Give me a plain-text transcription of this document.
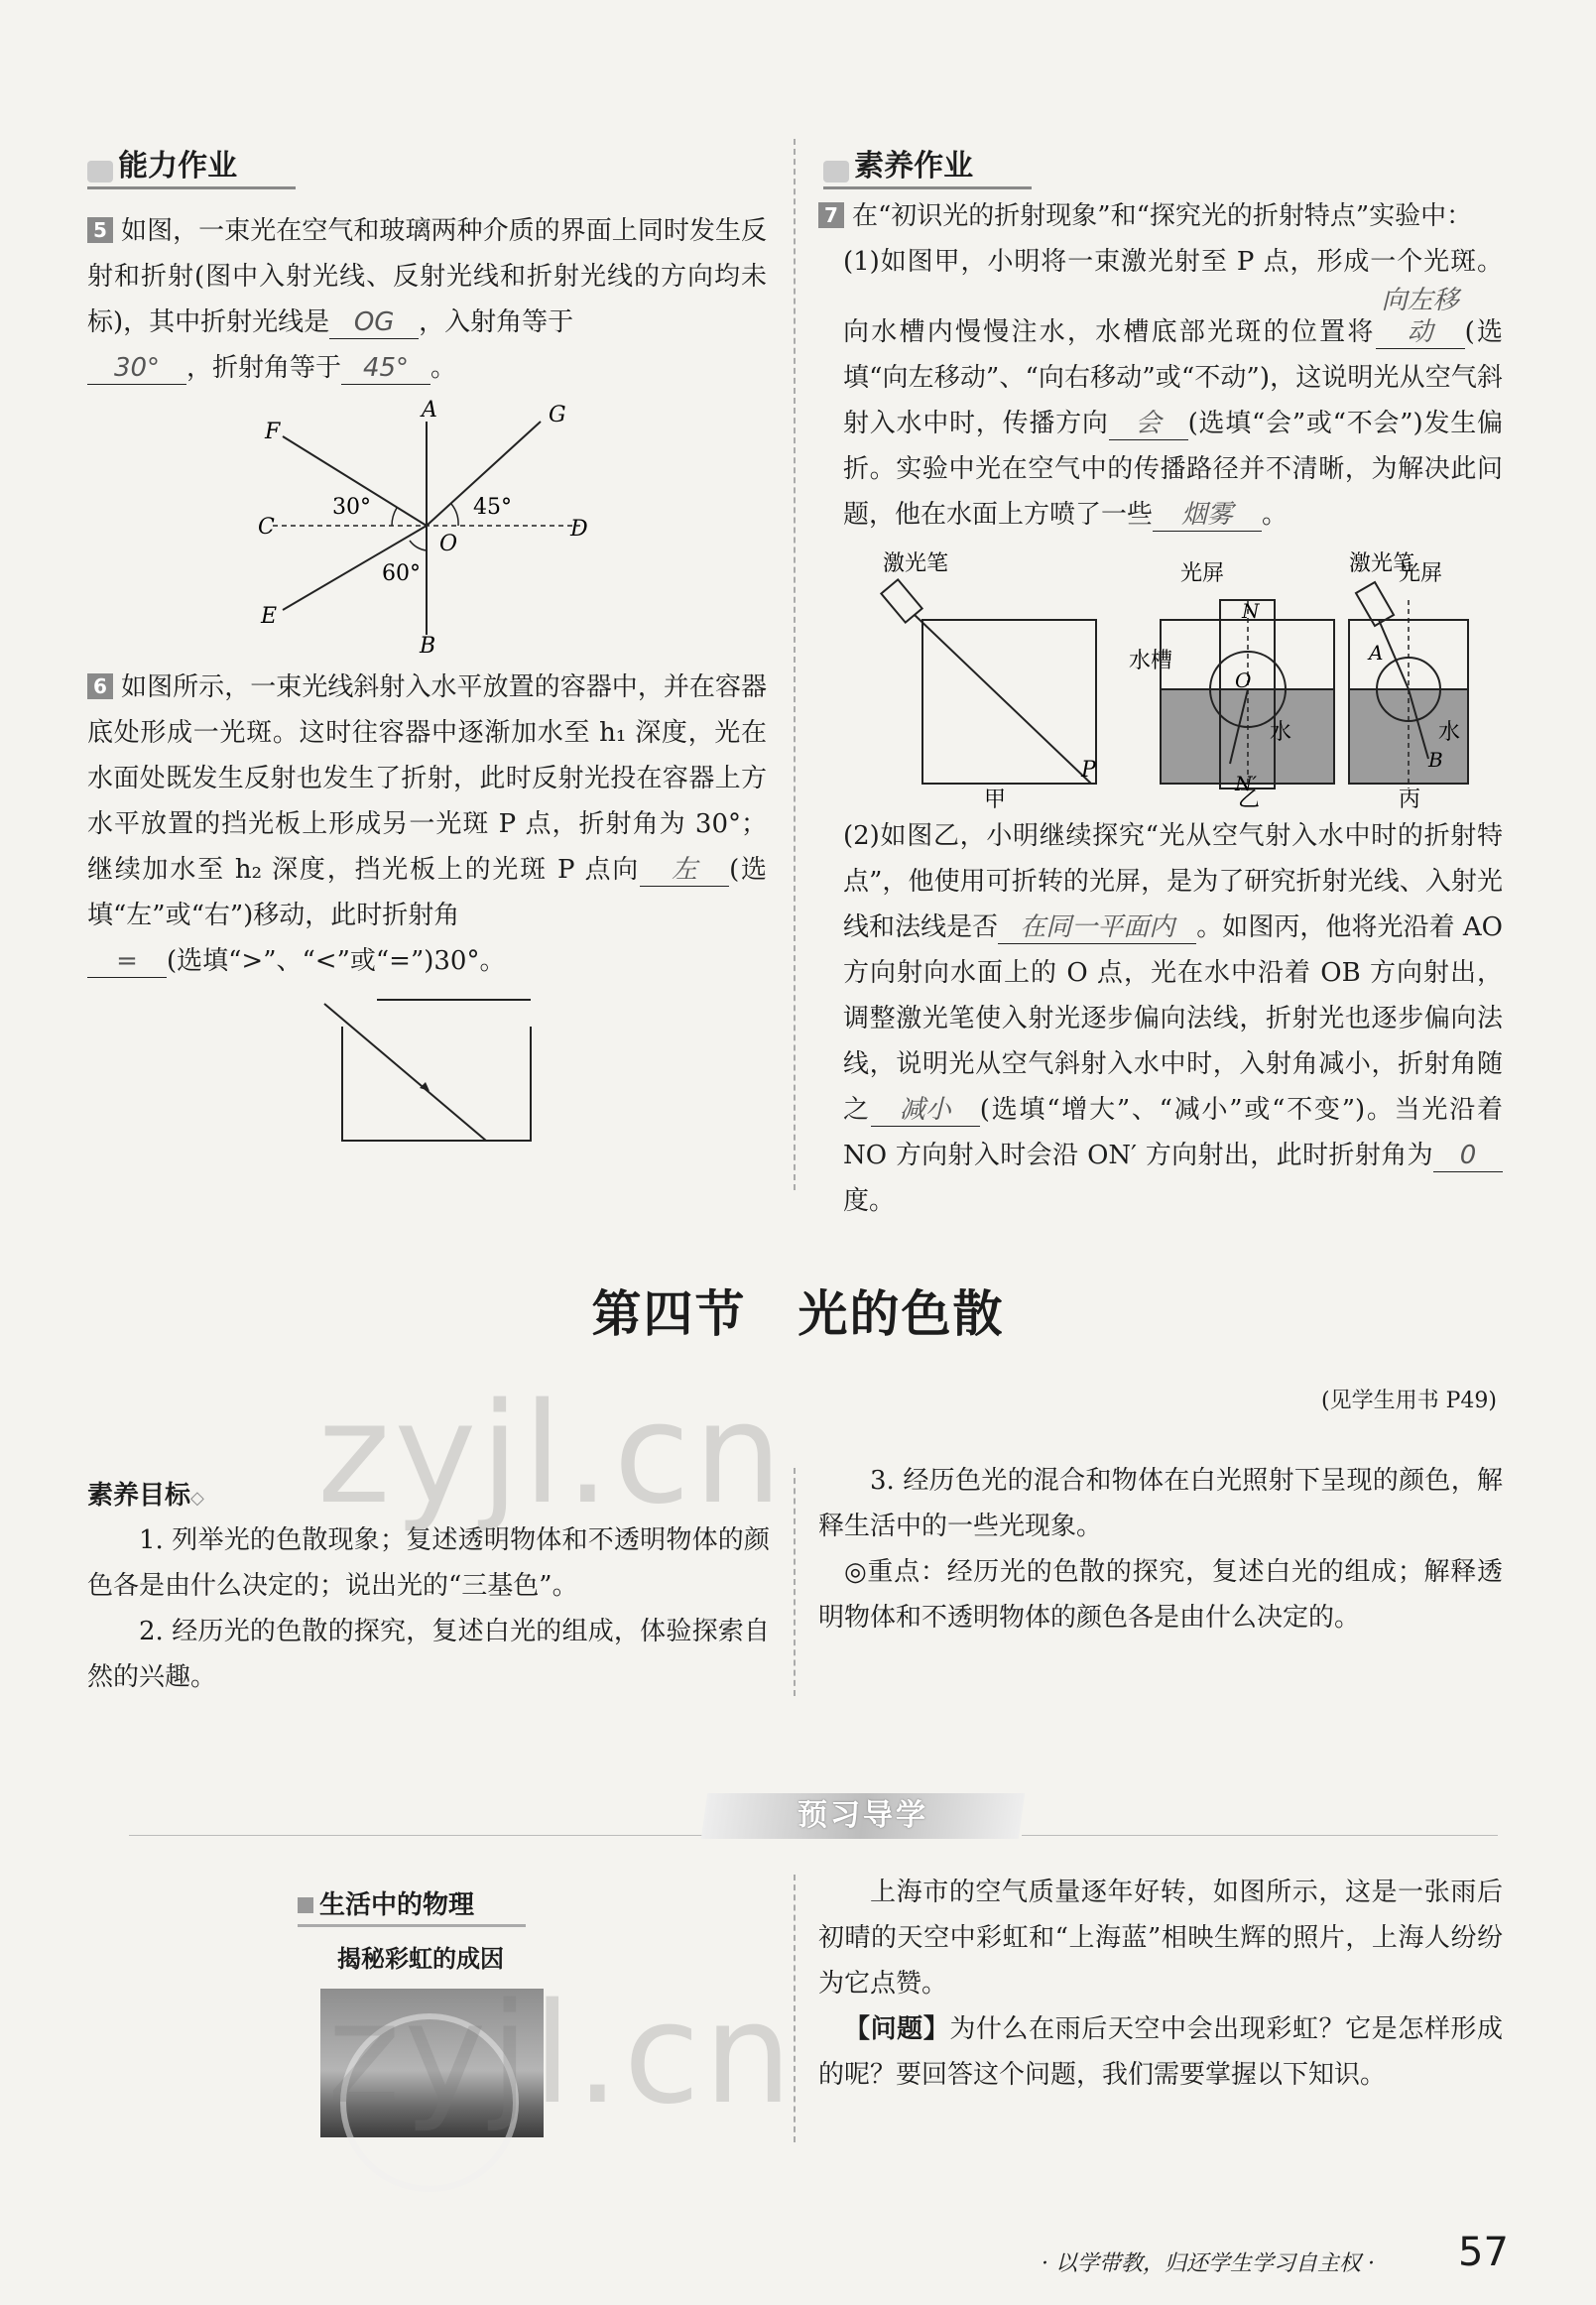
能力作业
5 如图，一束光在空气和玻璃两种介质的界面上同时发生反射和折射(图中入射光线、反射光线和折射光线的方向均未标)，其中折射光线是 OG ，入射角等于
30° ，折射角等于 45° 。
A	G
F
C	D
O
E
B
30°	45°
60°
6 如图所示，一束光线斜射入水平放置的容器中，并在容器底处形成一光斑。这时往容器中逐渐加水至 h₁ 深度，光在水面处既发生反射也发生了折射，此时反射光投在容器上方水平放置的挡光板上形成另一光斑 P 点，折射角为 30°；继续加水至 h₂ 深度，挡光板上的光斑 P 点向 左 (选填“左”或“右”)移动，此时折射角
= (选填“>”、“<”或“=”)30°。
素养作业
7 在“初识光的折射现象”和“探究光的折射特点”实验中：
(1)如图甲，小明将一束激光射至 P 点，形成一个光斑。向水槽内慢慢注水，水槽底部光斑的位置将向左移动 (选填“向左移动”、“向右移动”或“不动”)，这说明光从空气斜射入水中时，传播方向 会 (选填“会”或“不会”)发生偏折。实验中光在空气中的传播路径并不清晰，为解决此问题，他在水面上方喷了一些 烟雾 。
激光笔
甲
P
水槽
光屏
N
O
水
N′
乙
激光笔
光屏
A
B
水
丙
(2)如图乙，小明继续探究“光从空气射入水中时的折射特点”，他使用可折转的光屏，是为了研究折射光线、入射光线和法线是否 在同一平面内 。如图丙，他将光沿着 AO 方向射向水面上的 O 点，光在水中沿着 OB 方向射出，调整激光笔使入射光逐步偏向法线，折射光也逐步偏向法线，说明光从空气斜射入水中时，入射角减小，折射角随之 减小 (选填“增大”、“减小”或“不变”)。当光沿着 NO 方向射入时会沿 ON′ 方向射出，此时折射角为 0度。
第四节　光的色散
(见学生用书 P49)
素养目标◇
1. 列举光的色散现象；复述透明物体和不透明物体的颜色各是由什么决定的；说出光的“三基色”。
2. 经历光的色散的探究，复述白光的组成，体验探索自然的兴趣。
3. 经历色光的混合和物体在白光照射下呈现的颜色，解释生活中的一些光现象。
◎重点：经历光的色散的探究，复述白光的组成；解释透明物体和不透明物体的颜色各是由什么决定的。
预习导学
生活中的物理
揭秘彩虹的成因
上海市的空气质量逐年好转，如图所示，这是一张雨后初晴的天空中彩虹和“上海蓝”相映生辉的照片，上海人纷纷为它点赞。
【问题】为什么在雨后天空中会出现彩虹？它是怎样形成的呢？要回答这个问题，我们需要掌握以下知识。
· 以学带教，归还学生学习自主权 · 57
zyjl.cn
zyjl.cn
